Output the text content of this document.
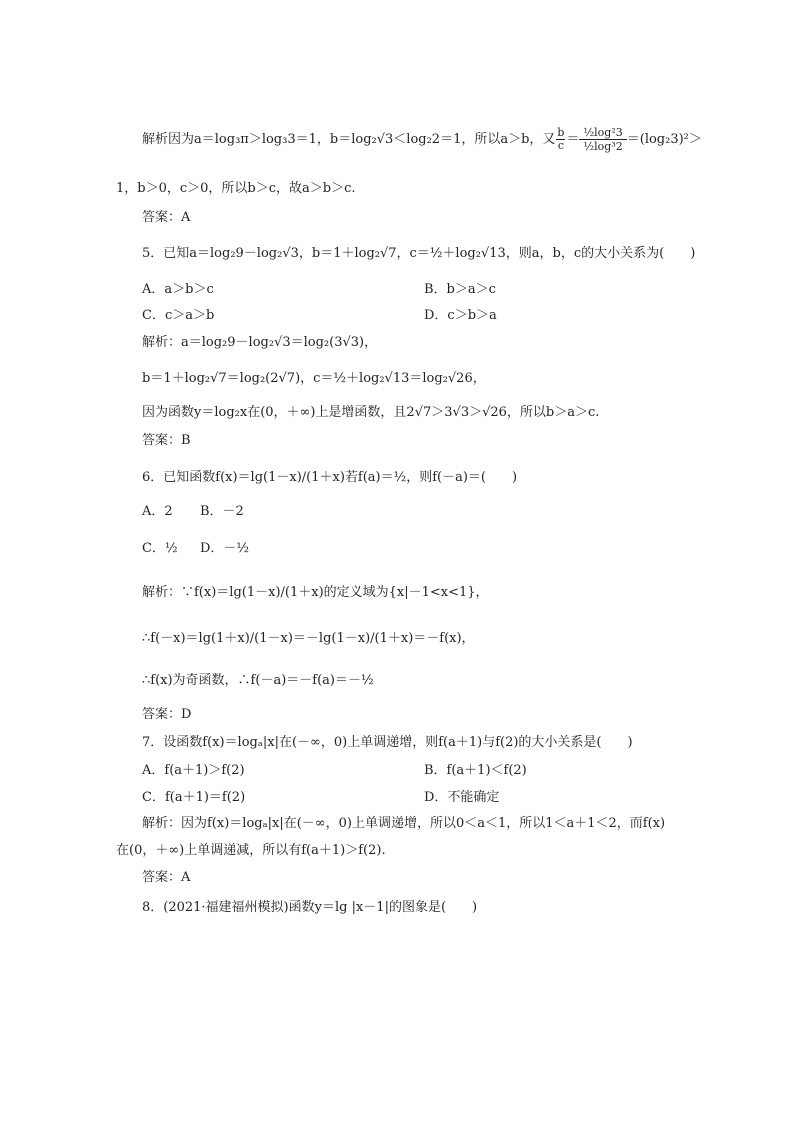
解析因为a＝log₃π＞log₃3＝1，b＝log₂√3＜log₂2＝1，所以a＞b，又 $\frac{b}{c} = \frac{\text{½log²3}}{\text{½log³2}} =(\log_23)^2>$
1，b＞0，c＞0，所以b＞c，故a＞b＞c.
答案：A
5．已知a＝log₂9－log₂√3，b＝1＋log₂√7，c＝½＋log₂√13，则a，b，c的大小关系为(　　)
A．a＞b＞c	B．b＞a＞c
C．c＞a＞b	D．c＞b＞a
解析：a＝log₂9－log₂√3＝log₂(3√3)，
b＝1＋log₂√7＝log₂(2√7)，c＝½＋log₂√13＝log₂√26，
因为函数y＝log₂x在(0，＋∞)上是增函数，且2√7＞3√3＞√26，所以b＞a＞c.
答案：B
6．已知函数f(x)＝lg(1－x)/(1＋x)若f(a)＝½，则f(－a)＝(　　)
A．2 B．－2
C．½ D．－½
解析：∵f(x)＝lg(1－x)/(1＋x)的定义域为{x|－1<x<1}，
∴f(－x)＝lg(1＋x)/(1－x)＝－lg(1－x)/(1＋x)＝－f(x)，
∴f(x)为奇函数，∴f(－a)＝－f(a)＝－½
答案：D
7．设函数f(x)＝logₐ|x|在(－∞，0)上单调递增，则f(a＋1)与f(2)的大小关系是(　　)
A．f(a＋1)＞f(2)	B．f(a＋1)＜f(2)
C．f(a＋1)＝f(2)	D．不能确定
解析：因为f(x)＝logₐ|x|在(－∞，0)上单调递增，所以0＜a＜1，所以1＜a＋1＜2，而f(x)
在(0，＋∞)上单调递减，所以有f(a＋1)＞f(2).
答案：A
8．(2021·福建福州模拟)函数y＝lg |x－1|的图象是(　　)
